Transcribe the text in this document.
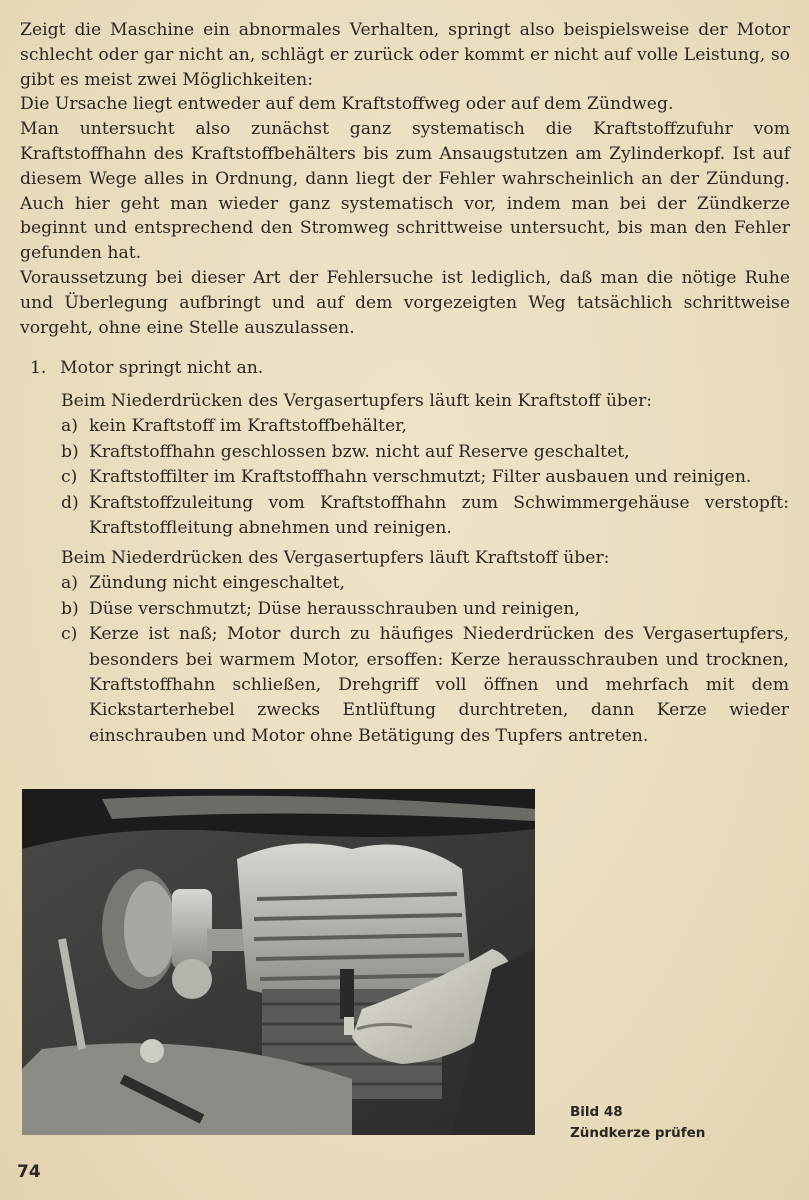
Zeigt die Maschine ein abnormales Verhalten, springt also beispielsweise der Motor schlecht oder gar nicht an, schlägt er zurück oder kommt er nicht auf volle Leistung, so gibt es meist zwei Möglichkeiten:

Die Ursache liegt entweder auf dem Kraftstoffweg oder auf dem Zündweg.

Man untersucht also zunächst ganz systematisch die Kraftstoffzufuhr vom Kraftstoffhahn des Kraftstoffbehälters bis zum Ansaugstutzen am Zylinderkopf. Ist auf diesem Wege alles in Ordnung, dann liegt der Fehler wahrscheinlich an der Zündung. Auch hier geht man wieder ganz systematisch vor, indem man bei der Zündkerze beginnt und entsprechend den Stromweg schrittweise untersucht, bis man den Fehler gefunden hat.

Voraussetzung bei dieser Art der Fehlersuche ist lediglich, daß man die nötige Ruhe und Überlegung aufbringt und auf dem vorgezeigten Weg tatsächlich schrittweise vorgeht, ohne eine Stelle auszulassen.

1. Motor springt nicht an.

Beim Niederdrücken des Vergasertupfers läuft kein Kraftstoff über:

a) kein Kraftstoff im Kraftstoffbehälter,
b) Kraftstoffhahn geschlossen bzw. nicht auf Reserve geschaltet,
c) Kraftstoffilter im Kraftstoffhahn verschmutzt; Filter ausbauen und reinigen.
d) Kraftstoffzuleitung vom Kraftstoffhahn zum Schwimmergehäuse verstopft: Kraftstoffleitung abnehmen und reinigen.

Beim Niederdrücken des Vergasertupfers läuft Kraftstoff über:

a) Zündung nicht eingeschaltet,
b) Düse verschmutzt; Düse herausschrauben und reinigen,
c) Kerze ist naß; Motor durch zu häufiges Niederdrücken des Vergasertupfers, besonders bei warmem Motor, ersoffen: Kerze herausschrauben und trocknen, Kraftstoffhahn schließen, Drehgriff voll öffnen und mehrfach mit dem Kickstarterhebel zwecks Entlüftung durchtreten, dann Kerze wieder einschrauben und Motor ohne Betätigung des Tupfers antreten.
Bild 48
Zündkerze prüfen
74
